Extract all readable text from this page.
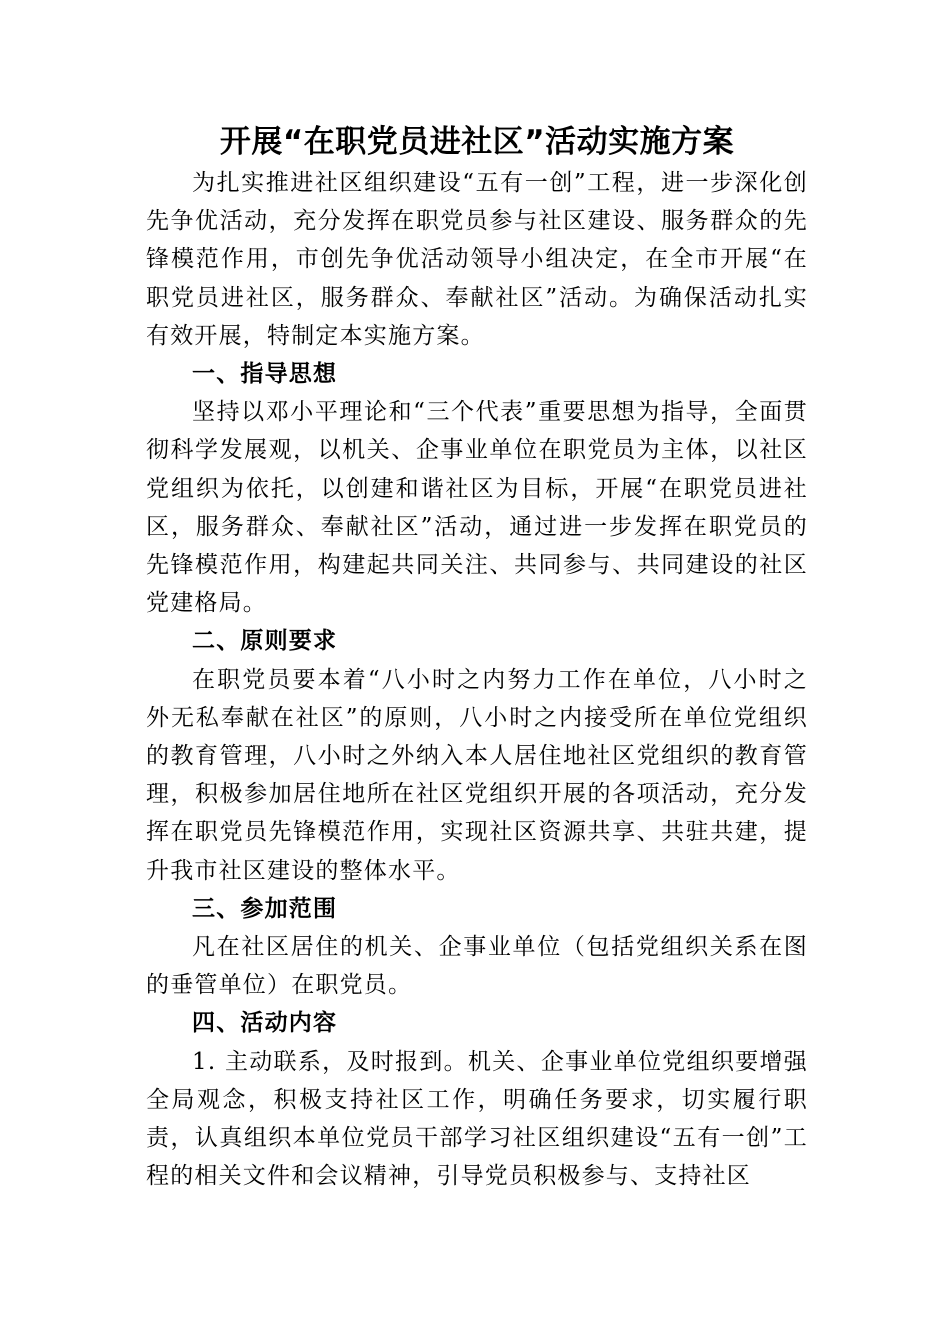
开展“在职党员进社区”活动实施方案

为扎实推进社区组织建设“五有一创”工程，进一步深化创先争优活动，充分发挥在职党员参与社区建设、服务群众的先锋模范作用，市创先争优活动领导小组决定，在全市开展“在职党员进社区，服务群众、奉献社区”活动。为确保活动扎实有效开展，特制定本实施方案。

一、指导思想

坚持以邓小平理论和“三个代表”重要思想为指导，全面贯彻科学发展观，以机关、企事业单位在职党员为主体，以社区党组织为依托，以创建和谐社区为目标，开展“在职党员进社区，服务群众、奉献社区”活动，通过进一步发挥在职党员的先锋模范作用，构建起共同关注、共同参与、共同建设的社区党建格局。

二、原则要求

在职党员要本着“八小时之内努力工作在单位，八小时之外无私奉献在社区”的原则，八小时之内接受所在单位党组织的教育管理，八小时之外纳入本人居住地社区党组织的教育管理，积极参加居住地所在社区党组织开展的各项活动，充分发挥在职党员先锋模范作用，实现社区资源共享、共驻共建，提升我市社区建设的整体水平。

三、参加范围

凡在社区居住的机关、企事业单位（包括党组织关系在图的垂管单位）在职党员。

四、活动内容

1. 主动联系，及时报到。机关、企事业单位党组织要增强全局观念，积极支持社区工作，明确任务要求，切实履行职责，认真组织本单位党员干部学习社区组织建设“五有一创”工程的相关文件和会议精神，引导党员积极参与、支持社区
